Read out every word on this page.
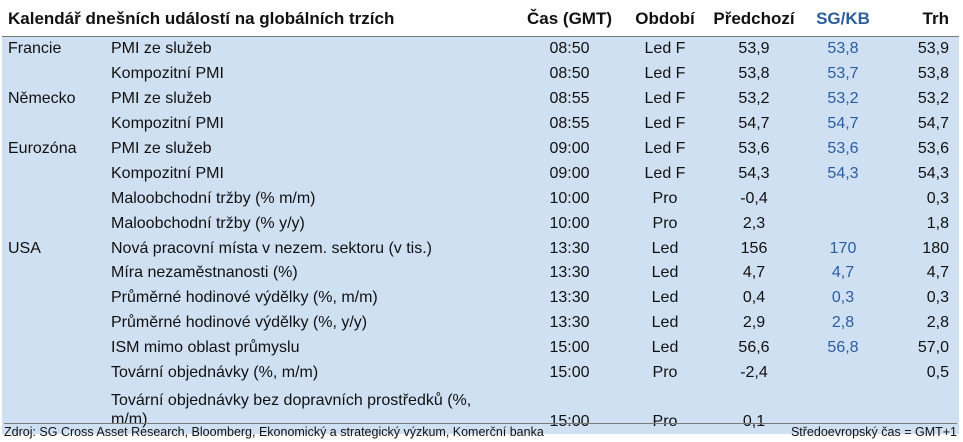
Kalendář dnešních událostí na globálních trzích		Čas (GMT)	Období	Předchozí	SG/KB	Trh
Francie	PMI ze služeb	08:50	Led F	53,9	53,8	53,9
	Kompozitní PMI	08:50	Led F	53,8	53,7	53,8
Německo	PMI ze služeb	08:55	Led F	53,2	53,2	53,2
	Kompozitní PMI	08:55	Led F	54,7	54,7	54,7
Eurozóna	PMI ze služeb	09:00	Led F	53,6	53,6	53,6
	Kompozitní PMI	09:00	Led F	54,3	54,3	54,3
	Maloobchodní tržby (% m/m)	10:00	Pro	-0,4		0,3
	Maloobchodní tržby (% y/y)	10:00	Pro	2,3		1,8
USA	Nová pracovní místa v nezem. sektoru (v tis.)	13:30	Led	156	170	180
	Míra nezaměstnanosti (%)	13:30	Led	4,7	4,7	4,7
	Průměrné hodinové výdělky (%, m/m)	13:30	Led	0,4	0,3	0,3
	Průměrné hodinové výdělky (%, y/y)	13:30	Led	2,9	2,8	2,8
	ISM mimo oblast průmyslu	15:00	Led	56,6	56,8	57,0
	Tovární objednávky (%, m/m)	15:00	Pro	-2,4		0,5
	Tovární objednávky bez dopravních prostředků (%, m/m)	15:00	Pro	0,1		
Zdroj: SG Cross Asset Research, Bloomberg, Ekonomický a strategický výzkum, Komerční banka	Středoevropský čas = GMT+1
